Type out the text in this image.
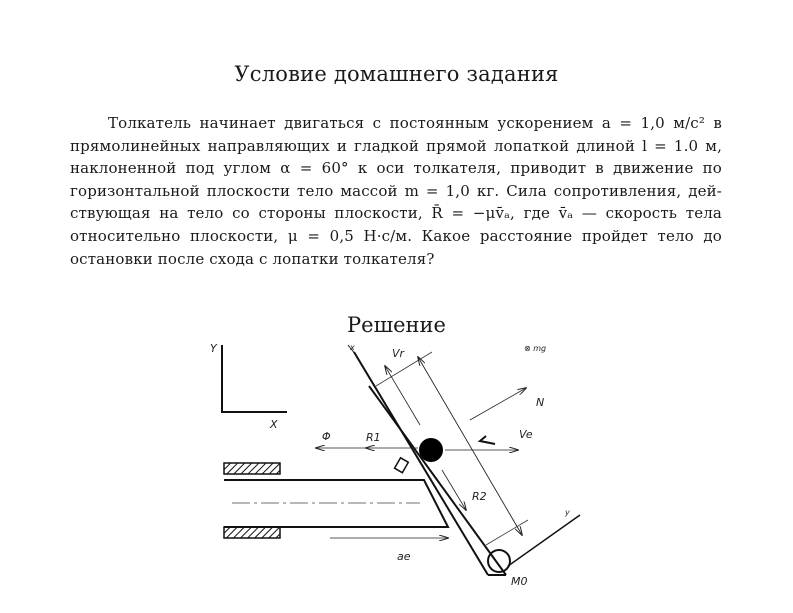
Условие домашнего задания
Толкатель начинает двигаться с постоянным ускорением a = 1,0 м/c² в
прямолинейных направляющих и гладкой прямой лопаткой длиной l = 1.0 м,
наклоненной под углом α = 60° к оси толкателя, приводит в движение по
горизонтальной плоскости тело массой m = 1,0 кг. Сила сопротивления, дей-
ствующая на тело со стороны плоскости, R̄ = −μv̄ₐ, где v̄ₐ — скорость тела
относительно плоскости, μ = 0,5 Н·с/м. Какое расстояние пройдет тело до
остановки после схода с лопатки толкателя?
Решение
Y
X
x
y
M0
Vr	⊗ mg
N
Ve
Φ	R1
R2
ae
